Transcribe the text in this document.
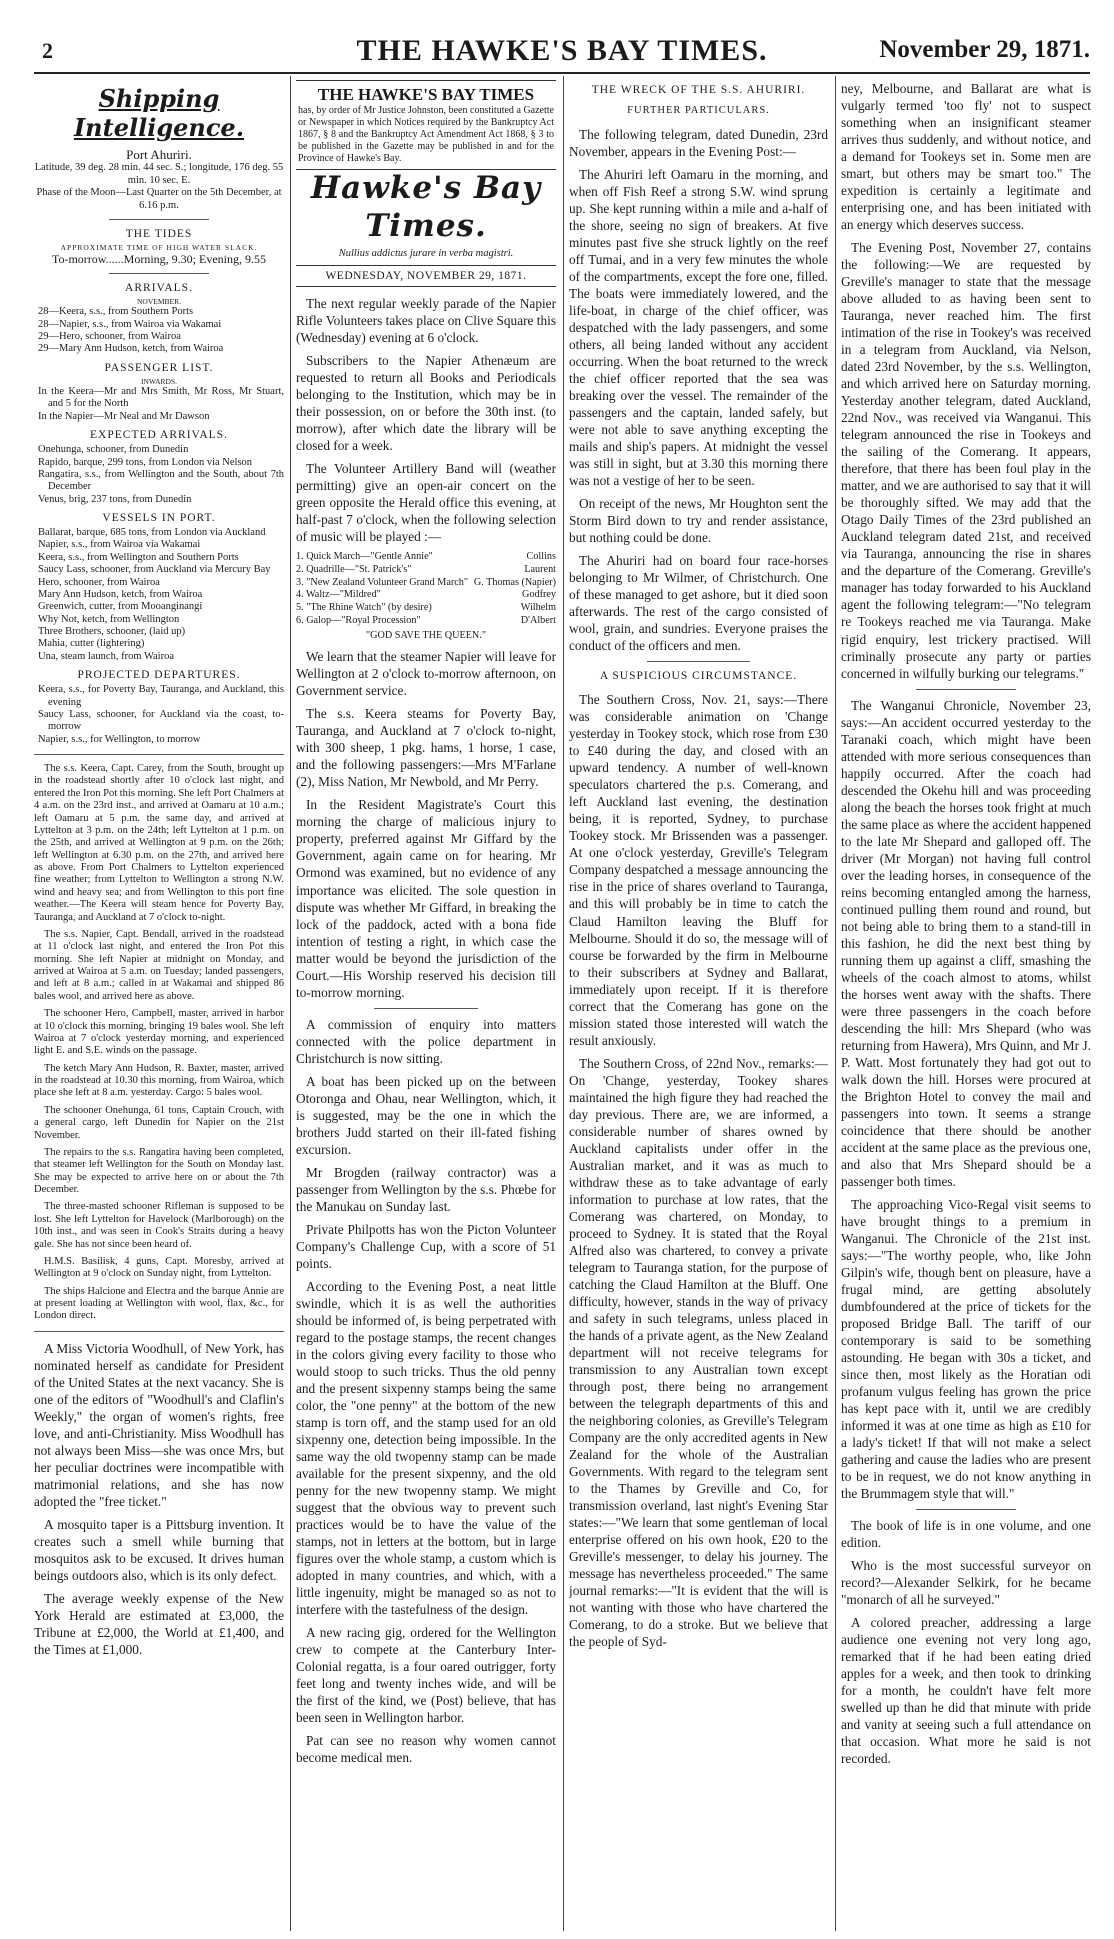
2	THE HAWKE'S BAY TIMES.	November 29, 1871.
Shipping Intelligence.
Port Ahuriri.
Latitude, 39 deg. 28 min. 44 sec. S.; longitude, 176 deg. 55 min. 10 sec. E.
Phase of the Moon—Last Quarter on the 5th December, at 6.16 p.m.
THE TIDES
APPROXIMATE TIME OF HIGH WATER SLACK.
To-morrow......Morning, 9.30; Evening, 9.55
ARRIVALS.
NOVEMBER.
28—Keera, s.s., from Southern Ports
28—Napier, s.s., from Wairoa via Wakamai
29—Hero, schooner, from Wairoa
29—Mary Ann Hudson, ketch, from Wairoa
PASSENGER LIST.
INWARDS.
In the Keera—Mr and Mrs Smith, Mr Ross, Mr Stuart, and 5 for the North
In the Napier—Mr Neal and Mr Dawson
EXPECTED ARRIVALS.
Onehunga, schooner, from Dunedin
Rapido, barque, 299 tons, from London via Nelson
Rangatira, s.s., from Wellington and the South, about 7th December
Venus, brig, 237 tons, from Dunedin
VESSELS IN PORT.
Ballarat, barque, 685 tons, from London via Auckland
Napier, s.s., from Wairoa via Wakamai
Keera, s.s., from Wellington and Southern Ports
Saucy Lass, schooner, from Auckland via Mercury Bay
Hero, schooner, from Wairoa
Mary Ann Hudson, ketch, from Wairoa
Greenwich, cutter, from Mooanginangi
Why Not, ketch, from Wellington
Three Brothers, schooner, (laid up)
Mahia, cutter (lightering)
Una, steam launch, from Wairoa
PROJECTED DEPARTURES.
Keera, s.s., for Poverty Bay, Tauranga, and Auckland, this evening
Saucy Lass, schooner, for Auckland via the coast, to-morrow
Napier, s.s., for Wellington, to morrow

The s.s. Keera, Capt. Carey, from the South, brought up in the roadstead shortly after 10 o'clock last night, and entered the Iron Pot this morning. She left Port Chalmers at 4 a.m. on the 23rd inst., and arrived at Oamaru at 10 a.m.; left Oamaru at 5 p.m. the same day, and arrived at Lyttelton at 3 p.m. on the 24th; left Lyttelton at 1 p.m. on the 25th, and arrived at Wellington at 9 p.m. on the 26th; left Wellington at 6.30 p.m. on the 27th, and arrived here as above. From Port Chalmers to Lyttelton experienced fine weather; from Lyttelton to Wellington a strong N.W. wind and heavy sea; and from Wellington to this port fine weather.—The Keera will steam hence for Poverty Bay, Tauranga, and Auckland at 7 o'clock to-night.

The s.s. Napier, Capt. Bendall, arrived in the roadstead at 11 o'clock last night, and entered the Iron Pot this morning. She left Napier at midnight on Monday, and arrived at Wairoa at 5 a.m. on Tuesday; landed passengers, and left at 8 a.m.; called in at Wakamai and shipped 86 bales wool, and arrived here as above.

The schooner Hero, Campbell, master, arrived in harbor at 10 o'clock this morning, bringing 19 bales wool. She left Wairoa at 7 o'clock yesterday morning, and experienced light E. and S.E. winds on the passage.

The ketch Mary Ann Hudson, R. Baxter, master, arrived in the roadstead at 10.30 this morning, from Wairoa, which place she left at 8 a.m. yesterday. Cargo: 5 bales wool.

The schooner Onehunga, 61 tons, Captain Crouch, with a general cargo, left Dunedin for Napier on the 21st November.

The repairs to the s.s. Rangatira having been completed, that steamer left Wellington for the South on Monday last. She may be expected to arrive here on or about the 7th December.

The three-masted schooner Rifleman is supposed to be lost. She left Lyttelton for Havelock (Marlborough) on the 10th inst., and was seen in Cook's Straits during a heavy gale. She has not since been heard of.

H.M.S. Basilisk, 4 guns, Capt. Moresby, arrived at Wellington at 9 o'clock on Sunday night, from Lyttelton.

The ships Halcione and Electra and the barque Annie are at present loading at Wellington with wool, flax, &c., for London direct.

A Miss Victoria Woodhull, of New York, has nominated herself as candidate for President of the United States at the next vacancy. She is one of the editors of "Woodhull's and Claflin's Weekly," the organ of women's rights, free love, and anti-Christianity. Miss Woodhull has not always been Miss—she was once Mrs, but her peculiar doctrines were incompatible with matrimonial relations, and she has now adopted the "free ticket."

A mosquito taper is a Pittsburg invention. It creates such a smell while burning that mosquitos ask to be excused. It drives human beings outdoors also, which is its only defect.

The average weekly expense of the New York Herald are estimated at £3,000, the Tribune at £2,000, the World at £1,400, and the Times at £1,000.

THE HAWKE'S BAY TIMES
has, by order of Mr Justice Johnston, been constituted a Gazette or Newspaper in which Notices required by the Bankruptcy Act 1867, § 8 and the Bankruptcy Act Amendment Act 1868, § 3 to be published in the Gazette may be published in and for the Province of Hawke's Bay.
Hawke's Bay Times.
Nullius addictus jurare in verba magistri.
WEDNESDAY, NOVEMBER 29, 1871.

The next regular weekly parade of the Napier Rifle Volunteers takes place on Clive Square this (Wednesday) evening at 6 o'clock.

Subscribers to the Napier Athenæum are requested to return all Books and Periodicals belonging to the Institution, which may be in their possession, on or before the 30th inst. (to morrow), after which date the library will be closed for a week.

The Volunteer Artillery Band will (weather permitting) give an open-air concert on the green opposite the Herald office this evening, at half-past 7 o'clock, when the following selection of music will be played :—

1. Quick March—"Gentle Annie"	Collins
2. Quadrille—"St. Patrick's"	Laurent
3. "New Zealand Volunteer Grand March" G. Thomas (Napier)
4. Waltz—"Mildred"	Godfrey
5. "The Rhine Watch" (by desire)	Wilhelm
6. Galop—"Royal Procession"	D'Albert
"GOD SAVE THE QUEEN."

We learn that the steamer Napier will leave for Wellington at 2 o'clock to-morrow afternoon, on Government service.

The s.s. Keera steams for Poverty Bay, Tauranga, and Auckland at 7 o'clock to-night, with 300 sheep, 1 pkg. hams, 1 horse, 1 case, and the following passengers:—Mrs M'Farlane (2), Miss Nation, Mr Newbold, and Mr Perry.

In the Resident Magistrate's Court this morning the charge of malicious injury to property, preferred against Mr Giffard by the Government, again came on for hearing. Mr Ormond was examined, but no evidence of any importance was elicited. The sole question in dispute was whether Mr Giffard, in breaking the lock of the paddock, acted with a bona fide intention of testing a right, in which case the matter would be beyond the jurisdiction of the Court.—His Worship reserved his decision till to-morrow morning.

A commission of enquiry into matters connected with the police department in Christchurch is now sitting.

A boat has been picked up on the between Otoronga and Ohau, near Wellington, which, it is suggested, may be the one in which the brothers Judd started on their ill-fated fishing excursion.

Mr Brogden (railway contractor) was a passenger from Wellington by the s.s. Phœbe for the Manukau on Sunday last.

Private Philpotts has won the Picton Volunteer Company's Challenge Cup, with a score of 51 points.

According to the Evening Post, a neat little swindle, which it is as well the authorities should be informed of, is being perpetrated with regard to the postage stamps, the recent changes in the colors giving every facility to those who would stoop to such tricks. Thus the old penny and the present sixpenny stamps being the same color, the "one penny" at the bottom of the new stamp is torn off, and the stamp used for an old sixpenny one, detection being impossible. In the same way the old twopenny stamp can be made available for the present sixpenny, and the old penny for the new twopenny stamp. We might suggest that the obvious way to prevent such practices would be to have the value of the stamps, not in letters at the bottom, but in large figures over the whole stamp, a custom which is adopted in many countries, and which, with a little ingenuity, might be managed so as not to interfere with the tastefulness of the design.

A new racing gig, ordered for the Wellington crew to compete at the Canterbury Inter-Colonial regatta, is a four oared outrigger, forty feet long and twenty inches wide, and will be the first of the kind, we (Post) believe, that has been seen in Wellington harbor.

Pat can see no reason why women cannot become medical men.

THE WRECK OF THE S.S. AHURIRI.
FURTHER PARTICULARS.

The following telegram, dated Dunedin, 23rd November, appears in the Evening Post:—

The Ahuriri left Oamaru in the morning, and when off Fish Reef a strong S.W. wind sprung up. She kept running within a mile and a-half of the shore, seeing no sign of breakers. At five minutes past five she struck lightly on the reef off Tumai, and in a very few minutes the whole of the compartments, except the fore one, filled. The boats were immediately lowered, and the life-boat, in charge of the chief officer, was despatched with the lady passengers, and some others, all being landed without any accident occurring. When the boat returned to the wreck the chief officer reported that the sea was breaking over the vessel. The remainder of the passengers and the captain, landed safely, but were not able to save anything excepting the mails and ship's papers. At midnight the vessel was still in sight, but at 3.30 this morning there was not a vestige of her to be seen.

On receipt of the news, Mr Houghton sent the Storm Bird down to try and render assistance, but nothing could be done.

The Ahuriri had on board four race-horses belonging to Mr Wilmer, of Christchurch. One of these managed to get ashore, but it died soon afterwards. The rest of the cargo consisted of wool, grain, and sundries. Everyone praises the conduct of the officers and men.

A SUSPICIOUS CIRCUMSTANCE.

The Southern Cross, Nov. 21, says:—There was considerable animation on 'Change yesterday in Tookey stock, which rose from £30 to £40 during the day, and closed with an upward tendency. A number of well-known speculators chartered the p.s. Comerang, and left Auckland last evening, the destination being, it is reported, Sydney, to purchase Tookey stock. Mr Brissenden was a passenger. At one o'clock yesterday, Greville's Telegram Company despatched a message announcing the rise in the price of shares overland to Tauranga, and this will probably be in time to catch the Claud Hamilton leaving the Bluff for Melbourne. Should it do so, the message will of course be forwarded by the firm in Melbourne to their subscribers at Sydney and Ballarat, immediately upon receipt. If it is therefore correct that the Comerang has gone on the mission stated those interested will watch the result anxiously.

The Southern Cross, of 22nd Nov., remarks:—On 'Change, yesterday, Tookey shares maintained the high figure they had reached the day previous. There are, we are informed, a considerable number of shares owned by Auckland capitalists under offer in the Australian market, and it was as much to withdraw these as to take advantage of early information to purchase at low rates, that the Comerang was chartered, on Monday, to proceed to Sydney. It is stated that the Royal Alfred also was chartered, to convey a private telegram to Tauranga station, for the purpose of catching the Claud Hamilton at the Bluff. One difficulty, however, stands in the way of privacy and safety in such telegrams, unless placed in the hands of a private agent, as the New Zealand department will not receive telegrams for transmission to any Australian town except through post, there being no arrangement between the telegraph departments of this and the neighboring colonies, as Greville's Telegram Company are the only accredited agents in New Zealand for the whole of the Australian Governments. With regard to the telegram sent to the Thames by Greville and Co, for transmission overland, last night's Evening Star states:—"We learn that some gentleman of local enterprise offered on his own hook, £20 to the Greville's messenger, to delay his journey. The message has nevertheless proceeded." The same journal remarks:—"It is evident that the will is not wanting with those who have chartered the Comerang, to do a stroke. But we believe that the people of Syd-

ney, Melbourne, and Ballarat are what is vulgarly termed 'too fly' not to suspect something when an insignificant steamer arrives thus suddenly, and without notice, and a demand for Tookeys set in. Some men are smart, but others may be smart too." The expedition is certainly a legitimate and enterprising one, and has been initiated with an energy which deserves success.

The Evening Post, November 27, contains the following:—We are requested by Greville's manager to state that the message above alluded to as having been sent to Tauranga, never reached him. The first intimation of the rise in Tookey's was received in a telegram from Auckland, via Nelson, dated 23rd November, by the s.s. Wellington, and which arrived here on Saturday morning. Yesterday another telegram, dated Auckland, 22nd Nov., was received via Wanganui. This telegram announced the rise in Tookeys and the sailing of the Comerang. It appears, therefore, that there has been foul play in the matter, and we are authorised to say that it will be thoroughly sifted. We may add that the Otago Daily Times of the 23rd published an Auckland telegram dated 21st, and received via Tauranga, announcing the rise in shares and the departure of the Comerang. Greville's manager has today forwarded to his Auckland agent the following telegram:—"No telegram re Tookeys reached me via Tauranga. Make rigid enquiry, lest trickery practised. Will criminally prosecute any party or parties concerned in wilfully burking our telegrams."

The Wanganui Chronicle, November 23, says:—An accident occurred yesterday to the Taranaki coach, which might have been attended with more serious consequences than happily occurred. After the coach had descended the Okehu hill and was proceeding along the beach the horses took fright at much the same place as where the accident happened to the late Mr Shepard and galloped off. The driver (Mr Morgan) not having full control over the leading horses, in consequence of the reins becoming entangled among the harness, continued pulling them round and round, but not being able to bring them to a stand-till in this fashion, he did the next best thing by running them up against a cliff, smashing the wheels of the coach almost to atoms, whilst the horses went away with the shafts. There were three passengers in the coach before descending the hill: Mrs Shepard (who was returning from Hawera), Mrs Quinn, and Mr J. P. Watt. Most fortunately they had got out to walk down the hill. Horses were procured at the Brighton Hotel to convey the mail and passengers into town. It seems a strange coincidence that there should be another accident at the same place as the previous one, and also that Mrs Shepard should be a passenger both times.

The approaching Vico-Regal visit seems to have brought things to a premium in Wanganui. The Chronicle of the 21st inst. says:—"The worthy people, who, like John Gilpin's wife, though bent on pleasure, have a frugal mind, are getting absolutely dumbfoundered at the price of tickets for the proposed Bridge Ball. The tariff of our contemporary is said to be something astounding. He began with 30s a ticket, and since then, most likely as the Horatian odi profanum vulgus feeling has grown the price has kept pace with it, until we are credibly informed it was at one time as high as £10 for a lady's ticket! If that will not make a select gathering and cause the ladies who are present to be in request, we do not know anything in the Brummagem style that will."

The book of life is in one volume, and one edition.

Who is the most successful surveyor on record?—Alexander Selkirk, for he became "monarch of all he surveyed."

A colored preacher, addressing a large audience one evening not very long ago, remarked that if he had been eating dried apples for a week, and then took to drinking for a month, he couldn't have felt more swelled up than he did that minute with pride and vanity at seeing such a full attendance on that occasion. What more he said is not recorded.
